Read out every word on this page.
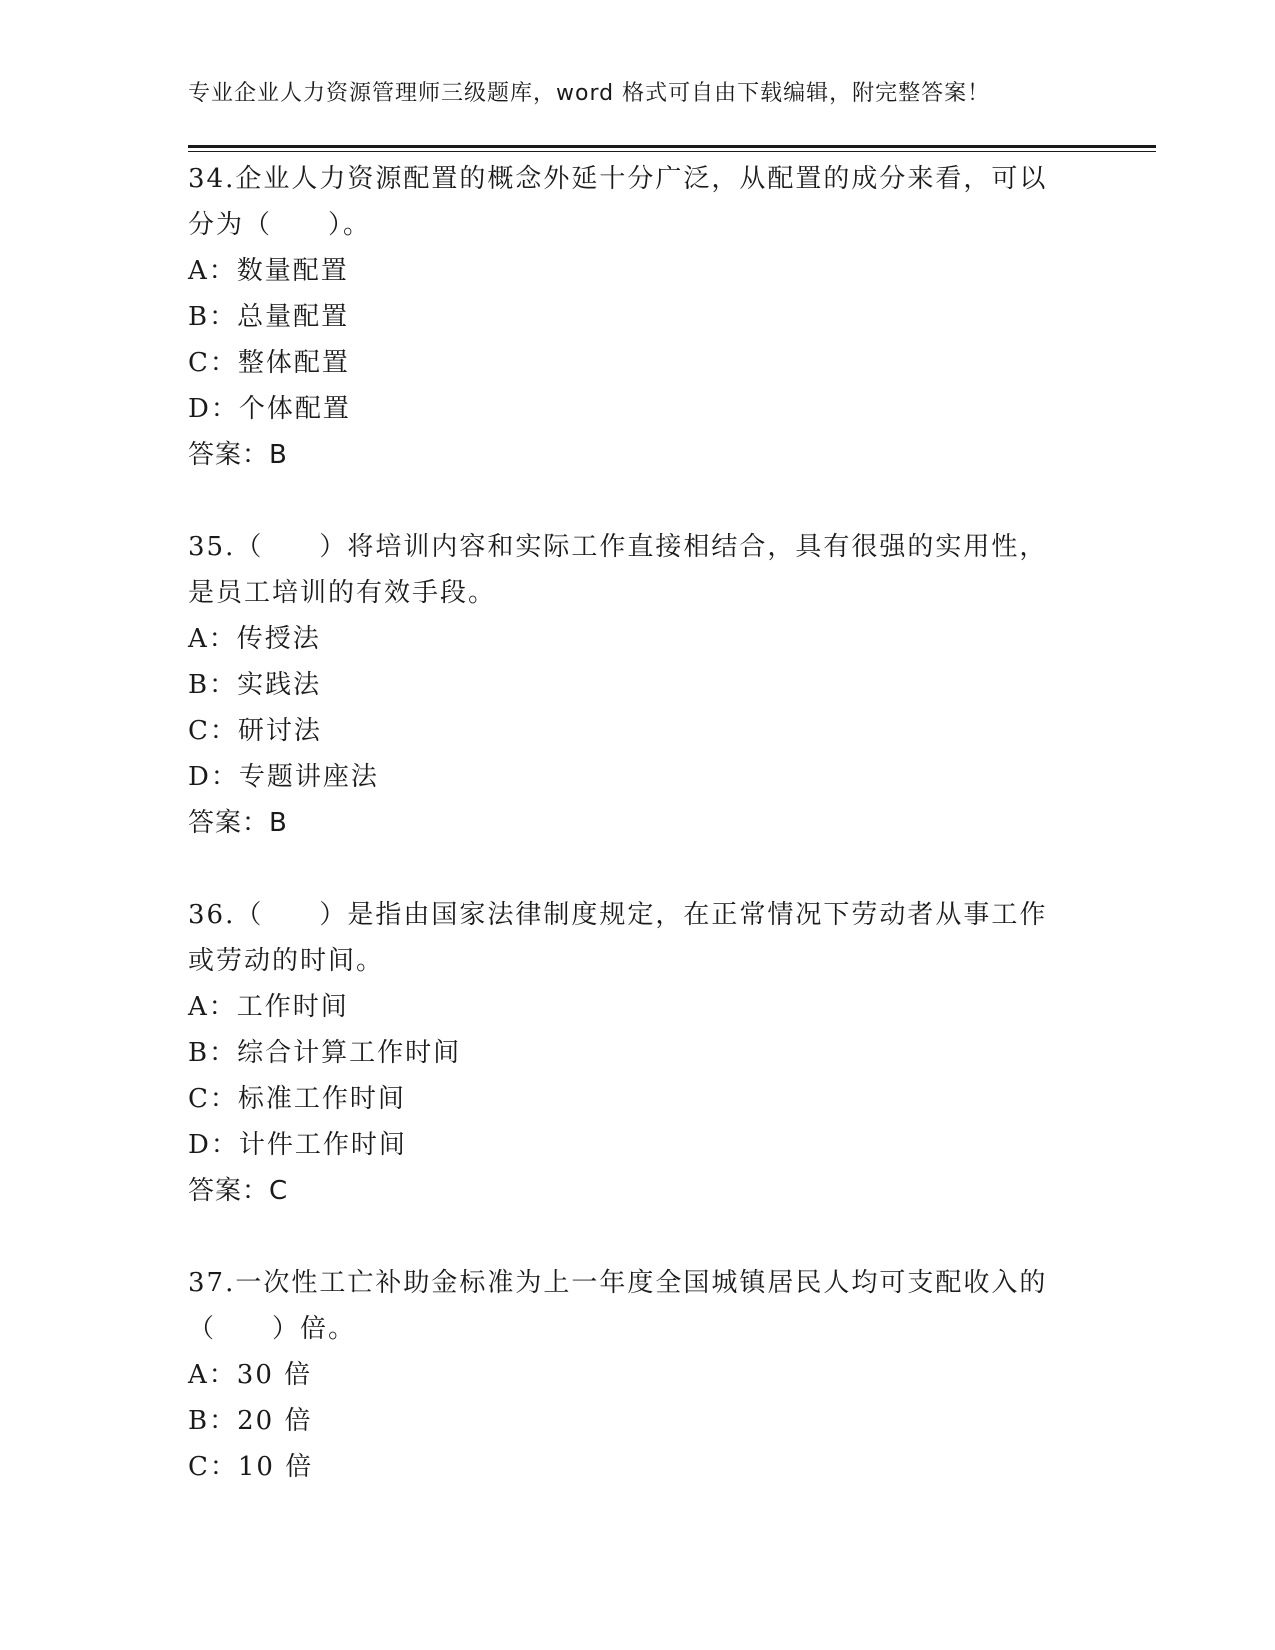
专业企业人力资源管理师三级题库，word 格式可自由下载编辑，附完整答案！

34.企业人力资源配置的概念外延十分广泛，从配置的成分来看，可以

分为（　　）。

A：数量配置

B：总量配置

C：整体配置

D：个体配置

答案：B

35.（　　）将培训内容和实际工作直接相结合，具有很强的实用性，

是员工培训的有效手段。

A：传授法

B：实践法

C：研讨法

D：专题讲座法

答案：B

36.（　　）是指由国家法律制度规定，在正常情况下劳动者从事工作

或劳动的时间。

A：工作时间

B：综合计算工作时间

C：标准工作时间

D：计件工作时间

答案：C

37.一次性工亡补助金标准为上一年度全国城镇居民人均可支配收入的

（　　）倍。

A：30 倍

B：20 倍

C：10 倍
